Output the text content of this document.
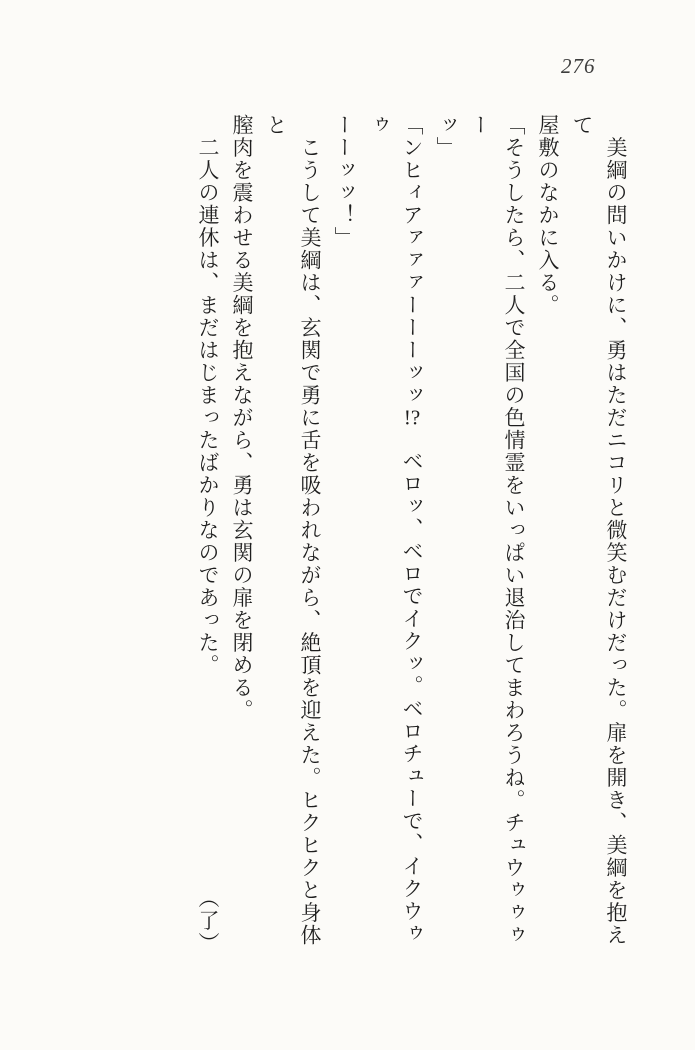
276

　美綱の問いかけに、勇はただニコリと微笑むだけだった。扉を開き、美綱を抱えて

屋敷のなかに入る。

「そうしたら、二人で全国の色情霊をいっぱい退治してまわろうね。チュウゥゥゥー

ッ」

「ンヒィアァァァーーーッッ!?　ベロッ、ベロでイクッ。ベロチューで、イクウゥゥ

ーーッッ！」

　こうして美綱は、玄関で勇に舌を吸われながら、絶頂を迎えた。ヒクヒクと身体と

膣肉を震わせる美綱を抱えながら、勇は玄関の扉を閉める。

　二人の連休は、まだはじまったばかりなのであった。
（了）
